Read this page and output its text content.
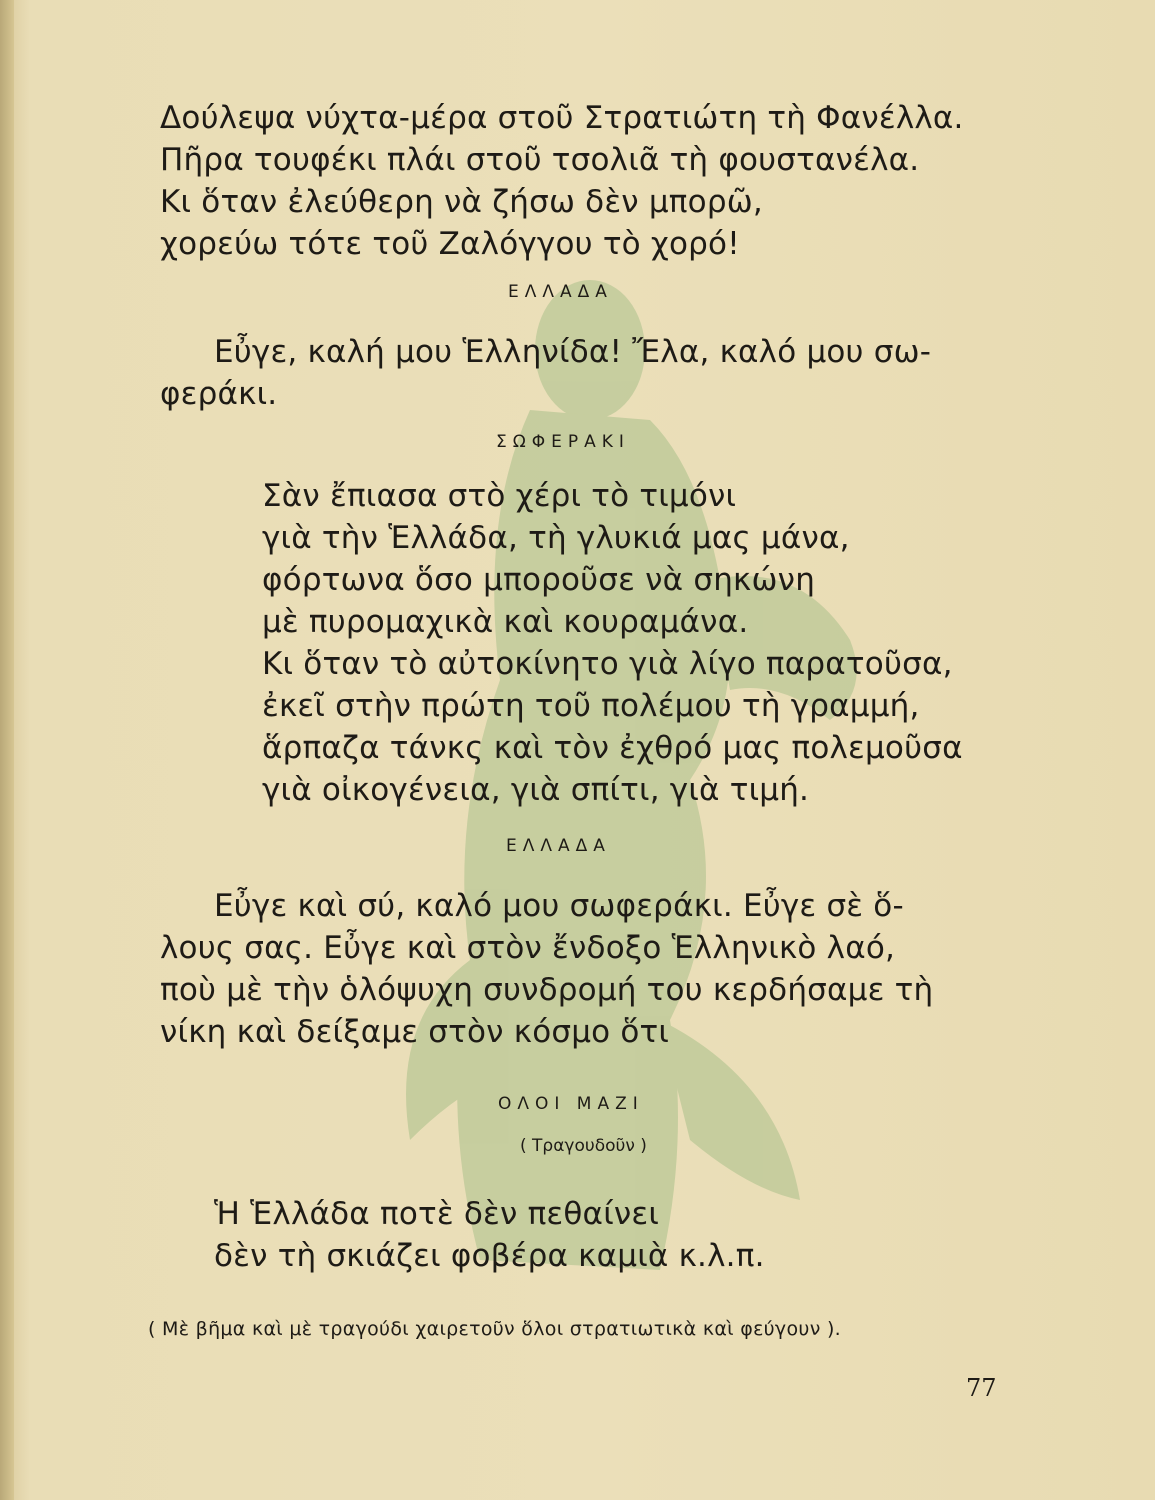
Δούλεψα νύχτα-μέρα στοῦ Στρατιώτη τὴ Φανέλλα.
Πῆρα τουφέκι πλάι στοῦ τσολιᾶ τὴ φουστανέλα.
Κι ὅταν ἐλεύθερη νὰ ζήσω δὲν μπορῶ,
χορεύω τότε τοῦ Ζαλόγγου τὸ χορό!
ΕΛΛΑΔΑ
Εὖγε, καλή μου Ἑλληνίδα! Ἔλα, καλό μου σω-
φεράκι.
ΣΩΦΕΡΑΚΙ
Σὰν ἔπιασα στὸ χέρι τὸ τιμόνι
γιὰ τὴν Ἑλλάδα, τὴ γλυκιά μας μάνα,
φόρτωνα ὅσο μποροῦσε νὰ σηκώνη
μὲ πυρομαχικὰ καὶ κουραμάνα.
Κι ὅταν τὸ αὐτοκίνητο γιὰ λίγο παρατοῦσα,
ἐκεῖ στὴν πρώτη τοῦ πολέμου τὴ γραμμή,
ἅρπαζα τάνκς καὶ τὸν ἐχθρό μας πολεμοῦσα
γιὰ οἰκογένεια, γιὰ σπίτι, γιὰ τιμή.
ΕΛΛΑΔΑ
Εὖγε καὶ σύ, καλό μου σωφεράκι. Εὖγε σὲ ὅ-
λους σας. Εὖγε καὶ στὸν ἔνδοξο Ἑλληνικὸ λαό,
ποὺ μὲ τὴν ὁλόψυχη συνδρομή του κερδήσαμε τὴ
νίκη καὶ δείξαμε στὸν κόσμο ὅτι
ΟΛΟΙ ΜΑΖΙ
( Τραγουδοῦν )
Ἡ Ἑλλάδα ποτὲ δὲν πεθαίνει
δὲν τὴ σκιάζει φοβέρα καμιὰ κ.λ.π.
( Μὲ βῆμα καὶ μὲ τραγούδι χαιρετοῦν ὅλοι στρατιωτικὰ καὶ φεύγουν ).
77
